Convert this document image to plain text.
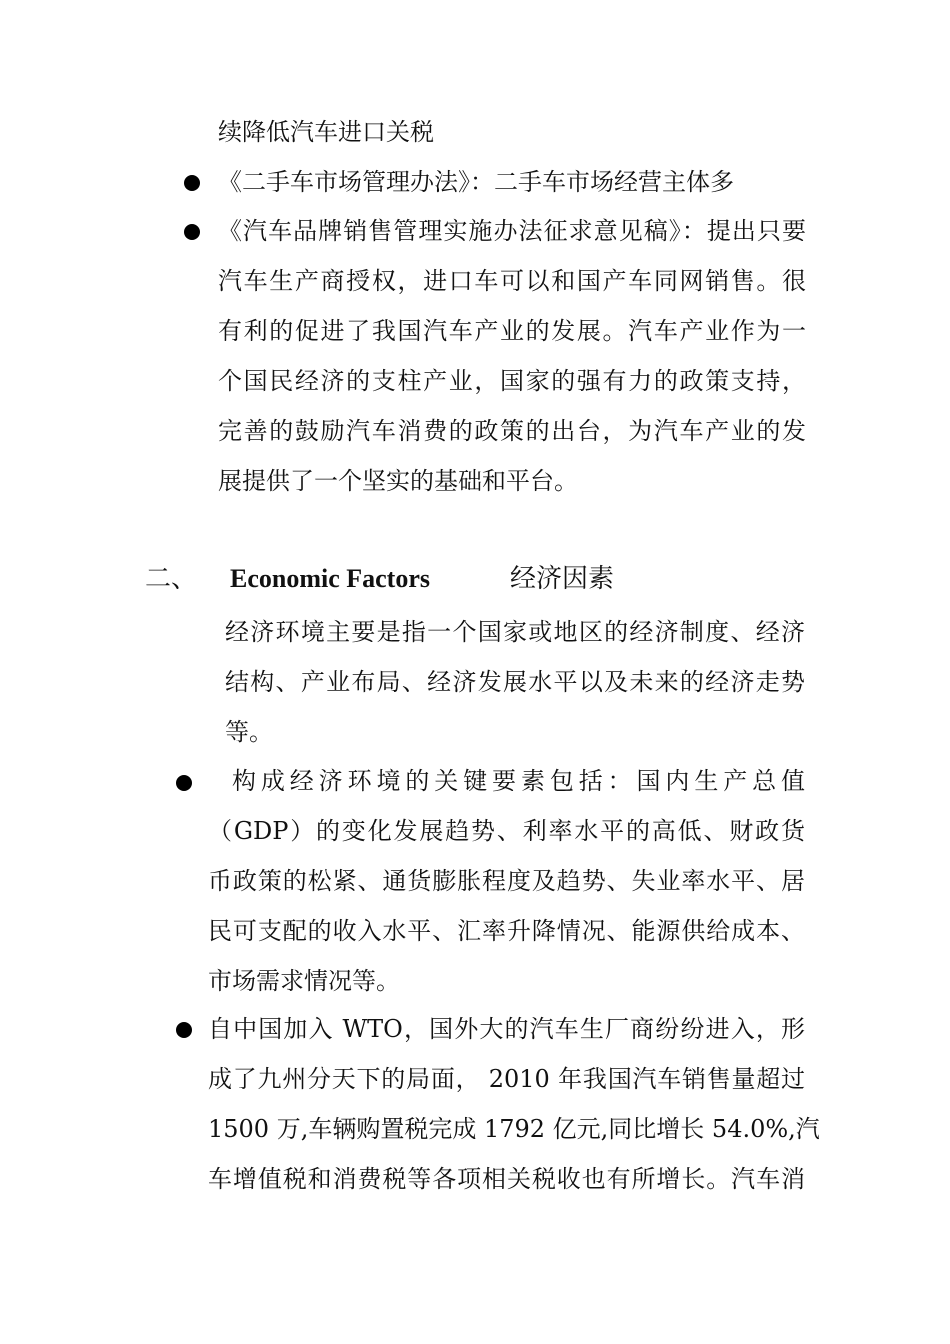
续降低汽车进口关税
《二手车市场管理办法》：二手车市场经营主体多
《汽车品牌销售管理实施办法征求意见稿》：提出只要
汽车生产商授权，进口车可以和国产车同网销售。很
有利的促进了我国汽车产业的发展。汽车产业作为一
个国民经济的支柱产业，国家的强有力的政策支持，
完善的鼓励汽车消费的政策的出台，为汽车产业的发
展提供了一个坚实的基础和平台。
二、 Economic Factors	经济因素
经济环境主要是指一个国家或地区的经济制度、经济
结构、产业布局、经济发展水平以及未来的经济走势
等。
构成经济环境的关键要素包括：国内生产总值
（GDP）的变化发展趋势、利率水平的高低、财政货
币政策的松紧、通货膨胀程度及趋势、失业率水平、居
民可支配的收入水平、汇率升降情况、能源供给成本、
市场需求情况等。
自中国加入 WTO，国外大的汽车生厂商纷纷进入，形
成了九州分天下的局面， 2010 年我国汽车销售量超过
1500 万,车辆购置税完成 1792 亿元,同比增长 54.0%,汽
车增值税和消费税等各项相关税收也有所增长。汽车消
